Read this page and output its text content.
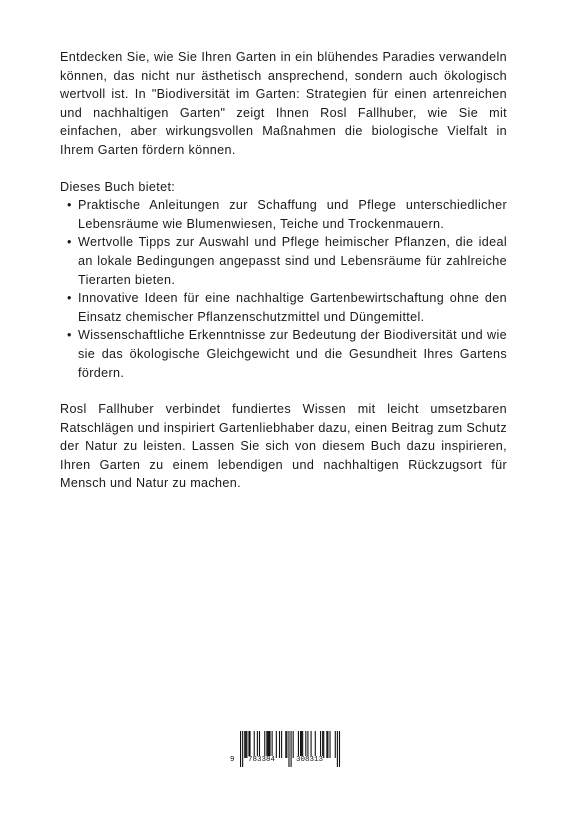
Entdecken Sie, wie Sie Ihren Garten in ein blühendes Paradies verwandeln können, das nicht nur ästhetisch ansprechend, sondern auch ökologisch wertvoll ist. In "Biodiversität im Garten: Strategien für einen artenreichen und nachhaltigen Garten" zeigt Ihnen Rosl Fallhuber, wie Sie mit einfachen, aber wirkungsvollen Maßnahmen die biologische Vielfalt in Ihrem Garten fördern können.

Dieses Buch bietet:

• Praktische Anleitungen zur Schaffung und Pflege unterschiedlicher Lebensräume wie Blumenwiesen, Teiche und Trockenmauern.
• Wertvolle Tipps zur Auswahl und Pflege heimischer Pflanzen, die ideal an lokale Bedingungen angepasst sind und Lebensräume für zahlreiche Tierarten bieten.
• Innovative Ideen für eine nachhaltige Gartenbewirtschaftung ohne den Einsatz chemischer Pflanzenschutzmittel und Düngemittel.
• Wissenschaftliche Erkenntnisse zur Bedeutung der Biodiversität und wie sie das ökologische Gleichgewicht und die Gesundheit Ihres Gartens fördern.

Rosl Fallhuber verbindet fundiertes Wissen mit leicht umsetzbaren Ratschlägen und inspiriert Gartenliebhaber dazu, einen Beitrag zum Schutz der Natur zu leisten. Lassen Sie sich von diesem Buch dazu inspirieren, Ihren Garten zu einem lebendigen und nachhaltigen Rückzugsort für Mensch und Natur zu machen.

9 783384	308313
